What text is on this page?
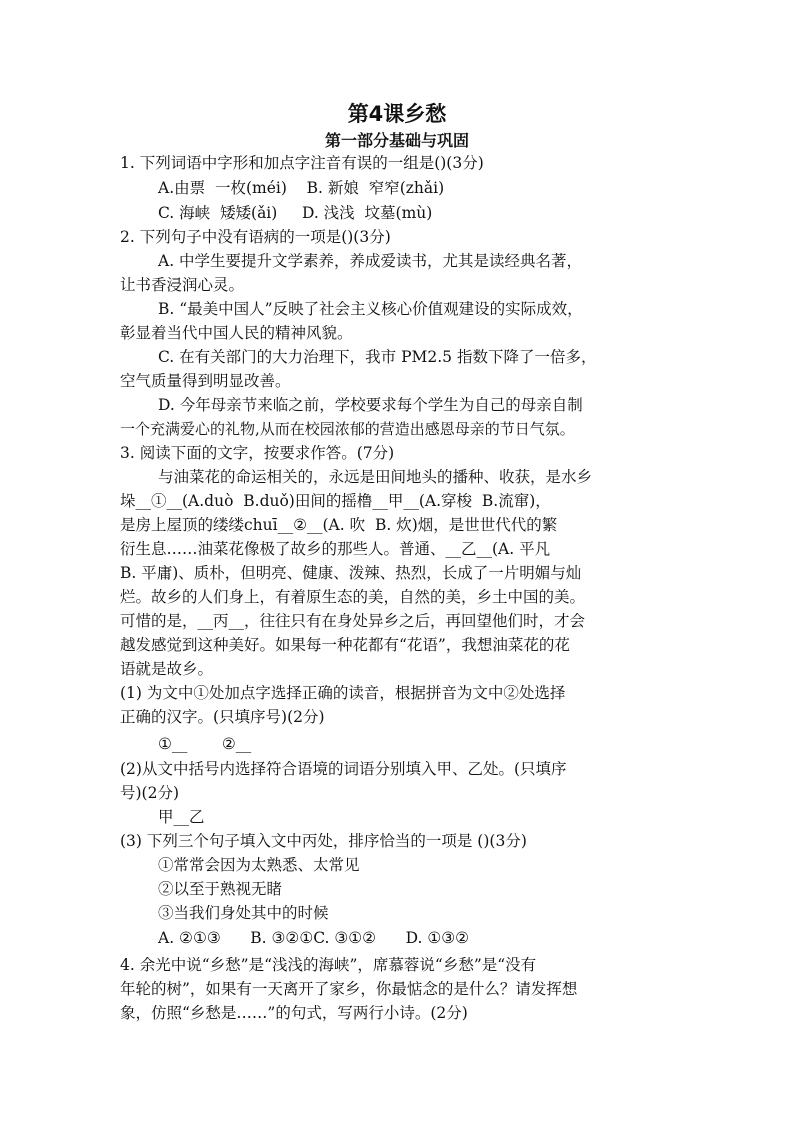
第4课乡愁
第一部分基础与巩固
1. 下列词语中字形和加点字注音有误的一组是()(3分)
A.由票  一枚(méi)    B. 新娘  窄窄(zhǎi)
C. 海峡  矮矮(ǎi)     D. 浅浅  坟墓(mù)
2. 下列句子中没有语病的一项是()(3分)
A. 中学生要提升文学素养，养成爱读书，尤其是读经典名著，
让书香浸润心灵。
B. “最美中国人”反映了社会主义核心价值观建设的实际成效，
彰显着当代中国人民的精神风貌。
C. 在有关部门的大力治理下，我市 PM2.5 指数下降了一倍多，
空气质量得到明显改善。
D. 今年母亲节来临之前，学校要求每个学生为自己的母亲自制
一个充满爱心的礼物,从而在校园浓郁的营造出感恩母亲的节日气氛。
3. 阅读下面的文字，按要求作答。(7分)
与油菜花的命运相关的，永远是田间地头的播种、收获，是水乡
垛__①__(A.duò  B.duǒ)田间的摇橹__甲__(A.穿梭  B.流窜)，
是房上屋顶的缕缕chuī__②__(A. 吹  B. 炊)烟，是世世代代的繁
衍生息……油菜花像极了故乡的那些人。普通、__乙__(A. 平凡
B. 平庸)、质朴，但明亮、健康、泼辣、热烈，长成了一片明媚与灿
烂。故乡的人们身上，有着原生态的美，自然的美，乡土中国的美。
可惜的是，__丙__，往往只有在身处异乡之后，再回望他们时，才会
越发感觉到这种美好。如果每一种花都有“花语”，我想油菜花的花
语就是故乡。
(1) 为文中①处加点字选择正确的读音，根据拼音为文中②处选择
正确的汉字。(只填序号)(2分)
①__       ②__
(2)从文中括号内选择符合语境的词语分别填入甲、乙处。(只填序
号)(2分)
甲__乙
(3) 下列三个句子填入文中丙处，排序恰当的一项是 ()(3分)
①常常会因为太熟悉、太常见
②以至于熟视无睹
③当我们身处其中的时候
A. ②①③      B. ③②①C. ③①②      D. ①③②
4. 余光中说“乡愁”是“浅浅的海峡”，席慕蓉说“乡愁”是“没有
年轮的树”，如果有一天离开了家乡，你最惦念的是什么？请发挥想
象，仿照“乡愁是……”的句式，写两行小诗。(2分)
